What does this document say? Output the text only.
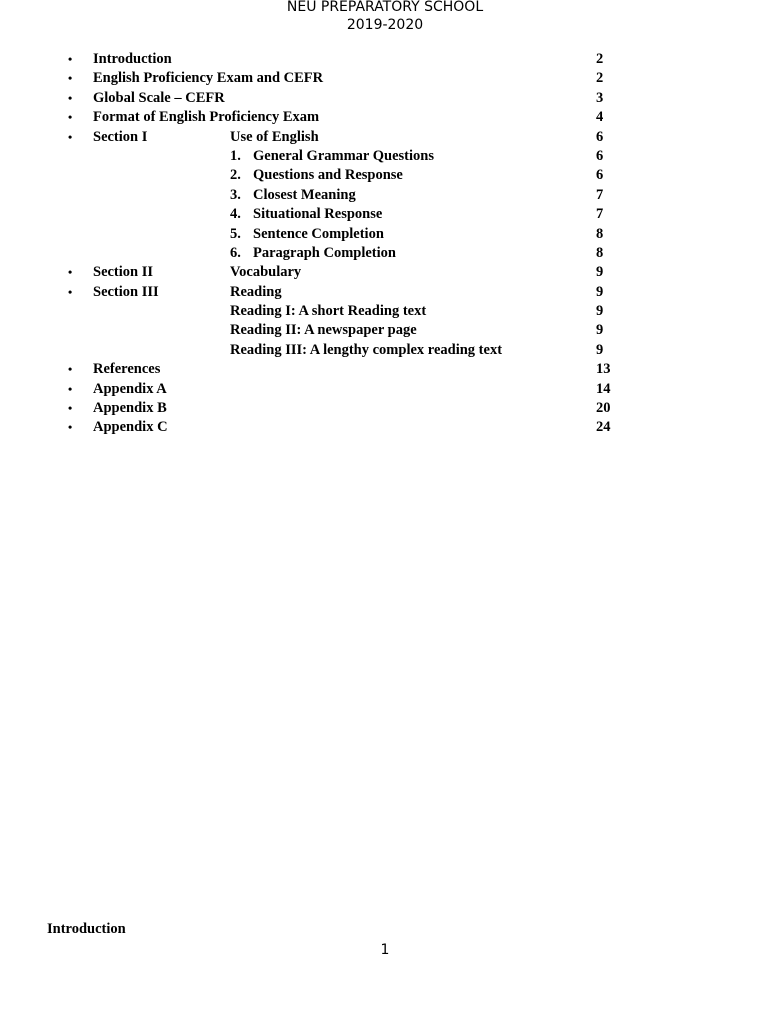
NEU PREPARATORY SCHOOL
2019-2020
• Introduction	2
• English Proficiency Exam and CEFR	2
• Global Scale – CEFR	3
• Format of English Proficiency Exam	4
• Section I	Use of English	6
1. General Grammar Questions	6
2. Questions and Response	6
3. Closest Meaning	7
4. Situational Response	7
5. Sentence Completion	8
6. Paragraph Completion	8
• Section II	Vocabulary	9
• Section III	Reading	9
Reading I: A short Reading text	9
Reading II: A newspaper page	9
Reading III: A lengthy complex reading text	9
• References	13
• Appendix A	14
• Appendix B	20
• Appendix C	24
Introduction
1
